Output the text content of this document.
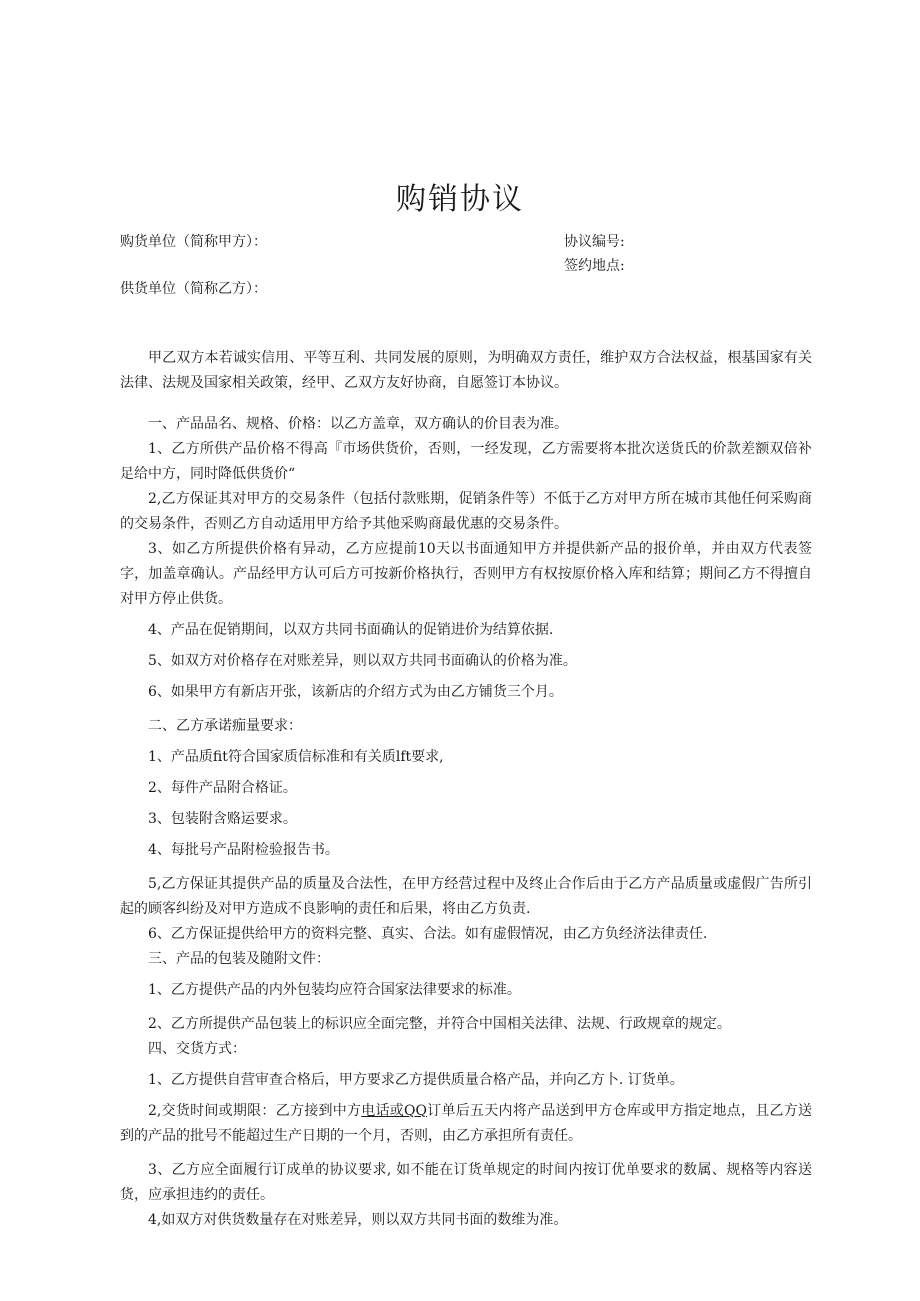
购销协议
购货单位（简称甲方）：	协议编号:
签约地点:
供货单位（简称乙方）：

甲乙双方本若诚实信用、平等互利、共同发展的原则，为明确双方责任，维护双方合法权益，根基国家有关法律、法规及国家相关政策，经甲、乙双方友好协商，自愿签订本协议。

一、产品品名、规格、价格：以乙方盖章，双方确认的价目表为准。

1、乙方所供产品价格不得高『市场供货价，否则，一经发现，乙方需要将本批次送货氏的价款差额双倍补足给中方，同时降低供货价“

2,乙方保证其对甲方的交易条件（包括付款账期，促销条件等）不低于乙方对甲方所在城市其他任何采购商的交易条件，否则乙方自动适用甲方给予其他采购商最优惠的交易条件。

3、如乙方所提供价格有异动，乙方应提前10天以书面通知甲方并提供新产品的报价单，并由双方代表签字，加盖章确认。产品经甲方认可后方可按新价格执行，否则甲方有权按原价格入库和结算；期间乙方不得擅自对甲方停止供货。

4、产品在促销期间，以双方共同书面确认的促销进价为结算依据.

5、如双方对价格存在对账差异，则以双方共同书面确认的价格为准。

6、如果甲方有新店开张，该新店的介绍方式为由乙方铺货三个月。

二、乙方承诺痂量要求：

1、产品质fit符合国家质信标准和有关质lft要求,

2、每件产品附合格证。

3、包装附含赂运要求。

4、每批号产品附检验报告书。

5,乙方保证其提供产品的质量及合法性，在甲方经营过程中及终止合作后由于乙方产品质量或虚假广告所引起的顾客纠纷及对甲方造成不良影响的责任和后果，将由乙方负责.

6、乙方保证提供给甲方的资料完整、真实、合法。如有虚假情况，由乙方负经济法律责任.

三、产品的包装及随附文件：

1、乙方提供产品的内外包装均应符合国家法律要求的标准。

2、乙方所提供产品包装上的标识应全面完整，并符合中国相关法律、法规、行政规章的规定。

四、交货方式：

1、乙方提供自营审查合格后，甲方要求乙方提供质量合格产品，并向乙方卜. 订货单。

2,交货时间或期限：乙方接到中方电话或QQ订单后五天内将产品送到甲方仓库或甲方指定地点，且乙方送到的产品的批号不能超过生产日期的一个月，否则，由乙方承担所有责任。

3、乙方应全面履行订成单的协议要求, 如不能在订货单规定的时间内按订优单要求的数属、规格等内容送货，应承担违约的责任。

4,如双方对供货数量存在对账差异，则以双方共同书面的数维为准。
